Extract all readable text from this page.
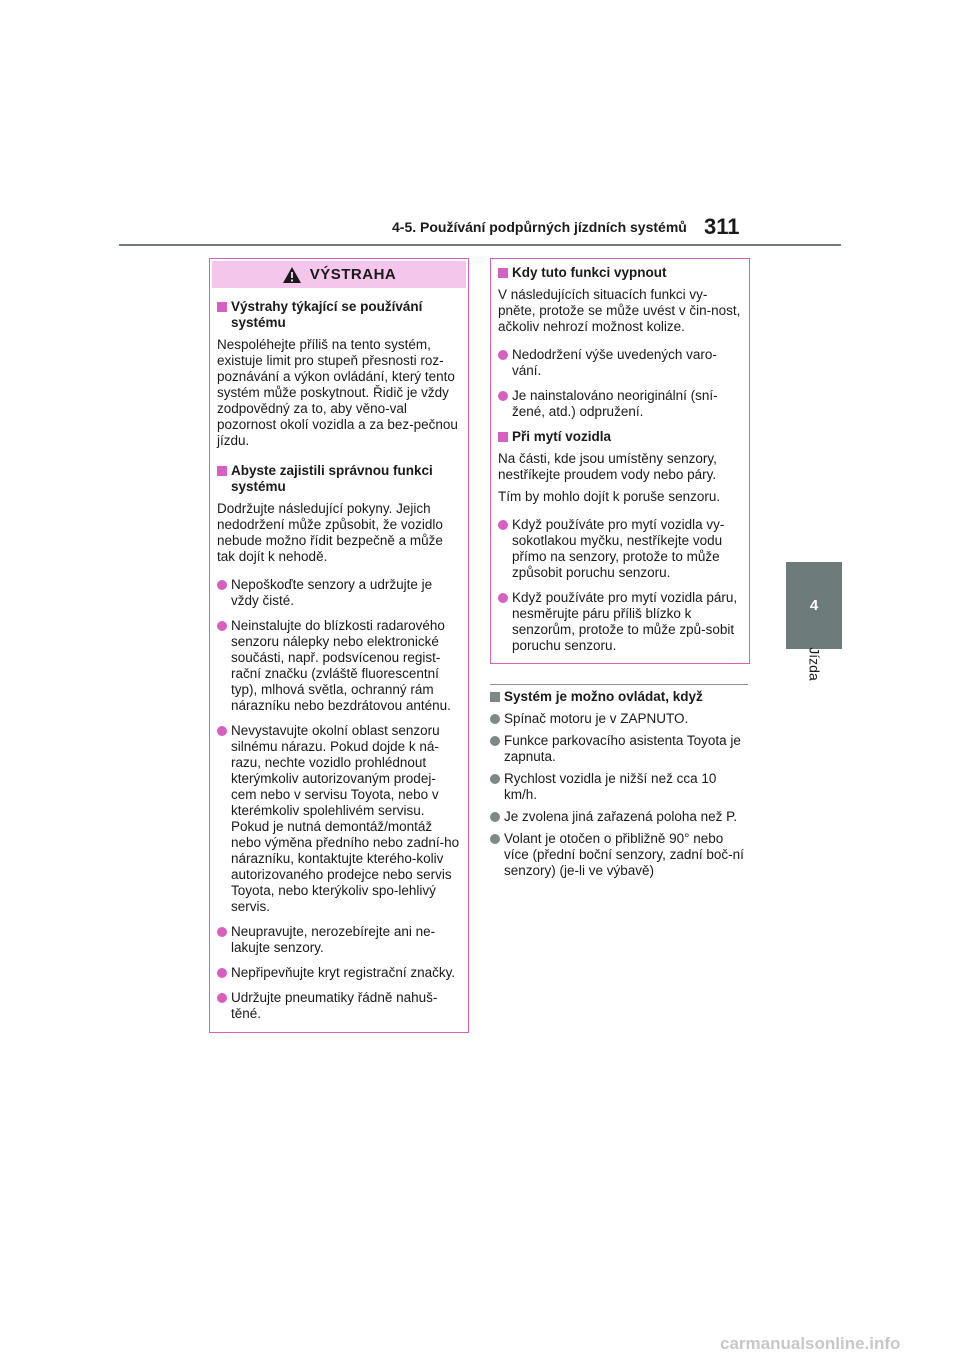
4-5. Používání podpůrných jízdních systémů 311
4
Jízda
VÝSTRAHA
Výstrahy týkající se používání systému
Nespoléhejte příliš na tento systém, existuje limit pro stupeň přesnosti roz-poznávání a výkon ovládání, který tento systém může poskytnout. Řidič je vždy zodpovědný za to, aby věno-val pozornost okolí vozidla a za bez-pečnou jízdu.
Abyste zajistili správnou funkci systému
Dodržujte následující pokyny. Jejich nedodržení může způsobit, že vozidlo nebude možno řídit bezpečně a může tak dojít k nehodě.
Nepoškoďte senzory a udržujte je vždy čisté.
Neinstalujte do blízkosti radarového senzoru nálepky nebo elektronické součásti, např. podsvícenou regist-rační značku (zvláště fluorescentní typ), mlhová světla, ochranný rám nárazníku nebo bezdrátovou anténu.
Nevystavujte okolní oblast senzoru silnému nárazu. Pokud dojde k ná-razu, nechte vozidlo prohlédnout kterýmkoliv autorizovaným prodej-cem nebo v servisu Toyota, nebo v kterémkoliv spolehlivém servisu. Pokud je nutná demontáž/montáž nebo výměna předního nebo zadní-ho nárazníku, kontaktujte kterého-koliv autorizovaného prodejce nebo servis Toyota, nebo kterýkoliv spo-lehlivý servis.
Neupravujte, nerozebírejte ani ne-lakujte senzory.
Nepřipevňujte kryt registrační značky.
Udržujte pneumatiky řádně nahuš-těné.
Kdy tuto funkci vypnout
V následujících situacích funkci vy-pněte, protože se může uvést v čin-nost, ačkoliv nehrozí možnost kolize.
Nedodržení výše uvedených varo-vání.
Je nainstalováno neoriginální (sní-žené, atd.) odpružení.
Při mytí vozidla
Na části, kde jsou umístěny senzory, nestříkejte proudem vody nebo páry.
Tím by mohlo dojít k poruše senzoru.
Když používáte pro mytí vozidla vy-sokotlakou myčku, nestříkejte vodu přímo na senzory, protože to může způsobit poruchu senzoru.
Když používáte pro mytí vozidla páru, nesměrujte páru příliš blízko k senzorům, protože to může způ-sobit poruchu senzoru.
Systém je možno ovládat, když
Spínač motoru je v ZAPNUTO.
Funkce parkovacího asistenta Toyota je zapnuta.
Rychlost vozidla je nižší než cca 10 km/h.
Je zvolena jiná zařazená poloha než P.
Volant je otočen o přibližně 90° nebo více (přední boční senzory, zadní boč-ní senzory) (je-li ve výbavě)
carmanualsonline.info
